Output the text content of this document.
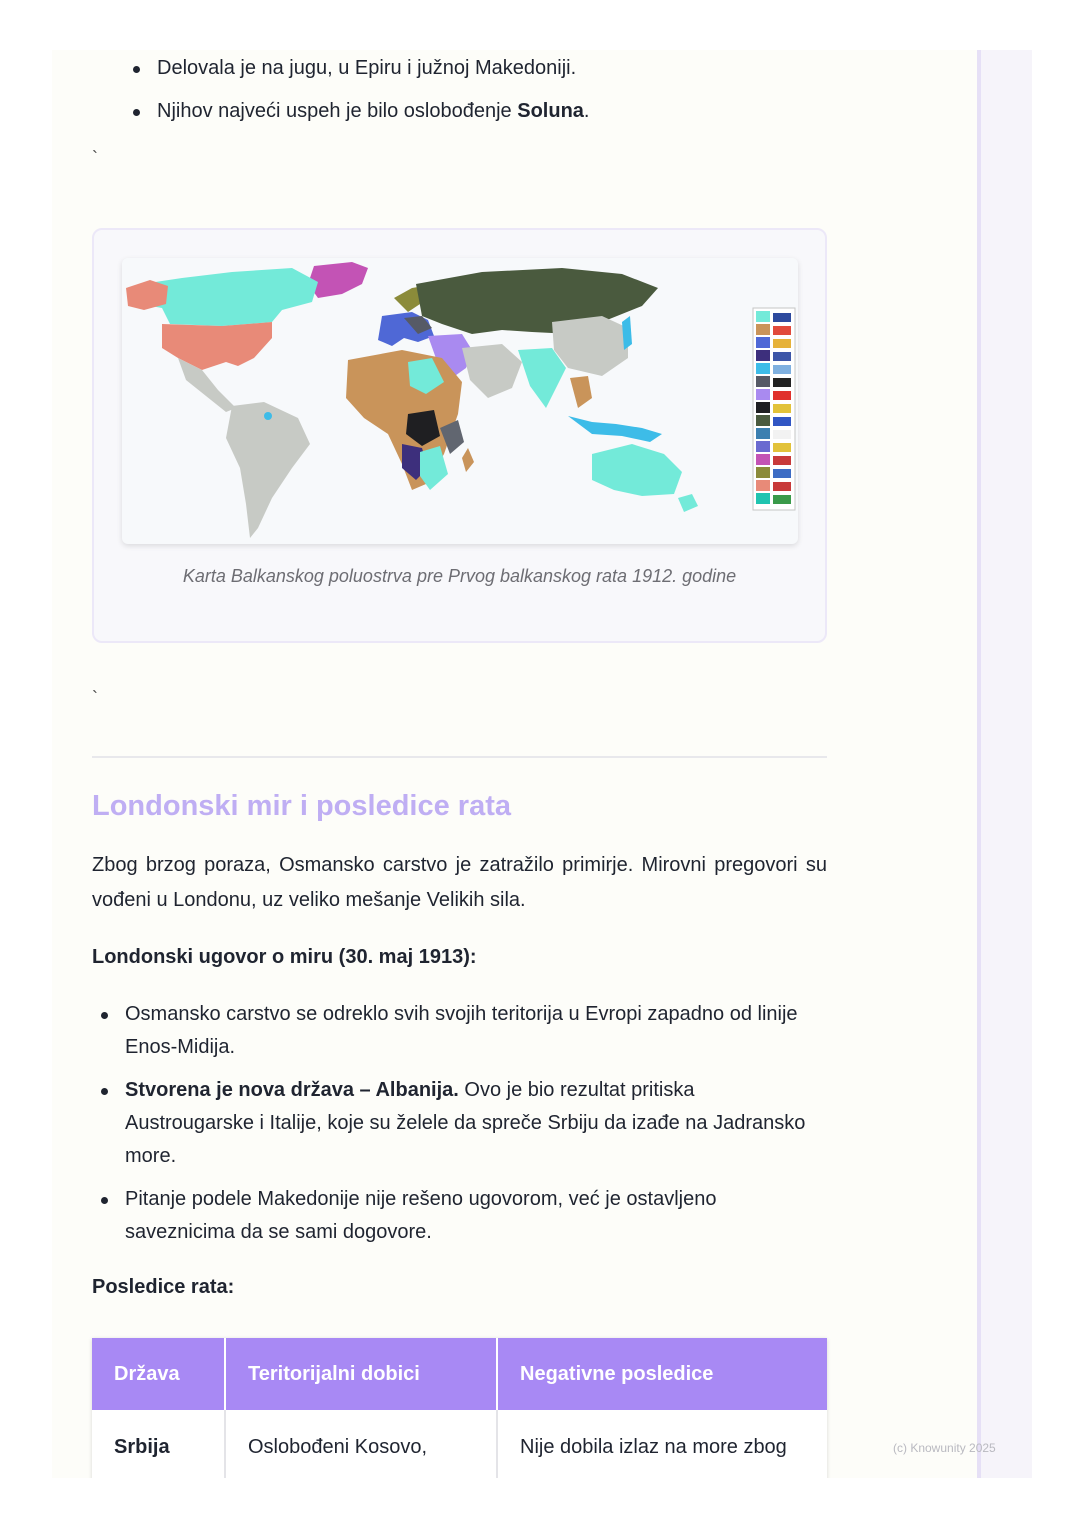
Delovala je na jugu, u Epiru i južnoj Makedoniji.
Njihov najveći uspeh je bilo oslobođenje Soluna.
`
Karta Balkanskog poluostrva pre Prvog balkanskog rata 1912. godine
`
Londonski mir i posledice rata

Zbog brzog poraza, Osmansko carstvo je zatražilo primirje. Mirovni pregovori su vođeni u Londonu, uz veliko mešanje Velikih sila.

Londonski ugovor o miru (30. maj 1913):

Osmansko carstvo se odreklo svih svojih teritorija u Evropi zapadno od linije Enos-Midija.
Stvorena je nova država – Albanija. Ovo je bio rezultat pritiska Austrougarske i Italije, koje su želele da spreče Srbiju da izađe na Jadransko more.
Pitanje podele Makedonije nije rešeno ugovorom, već je ostavljeno saveznicima da se sami dogovore.

Posledice rata:

Država	Teritorijalni dobici	Negativne posledice
Srbija	Oslobođeni Kosovo,	Nije dobila izlaz na more zbog	(c) Knowunity 2025
